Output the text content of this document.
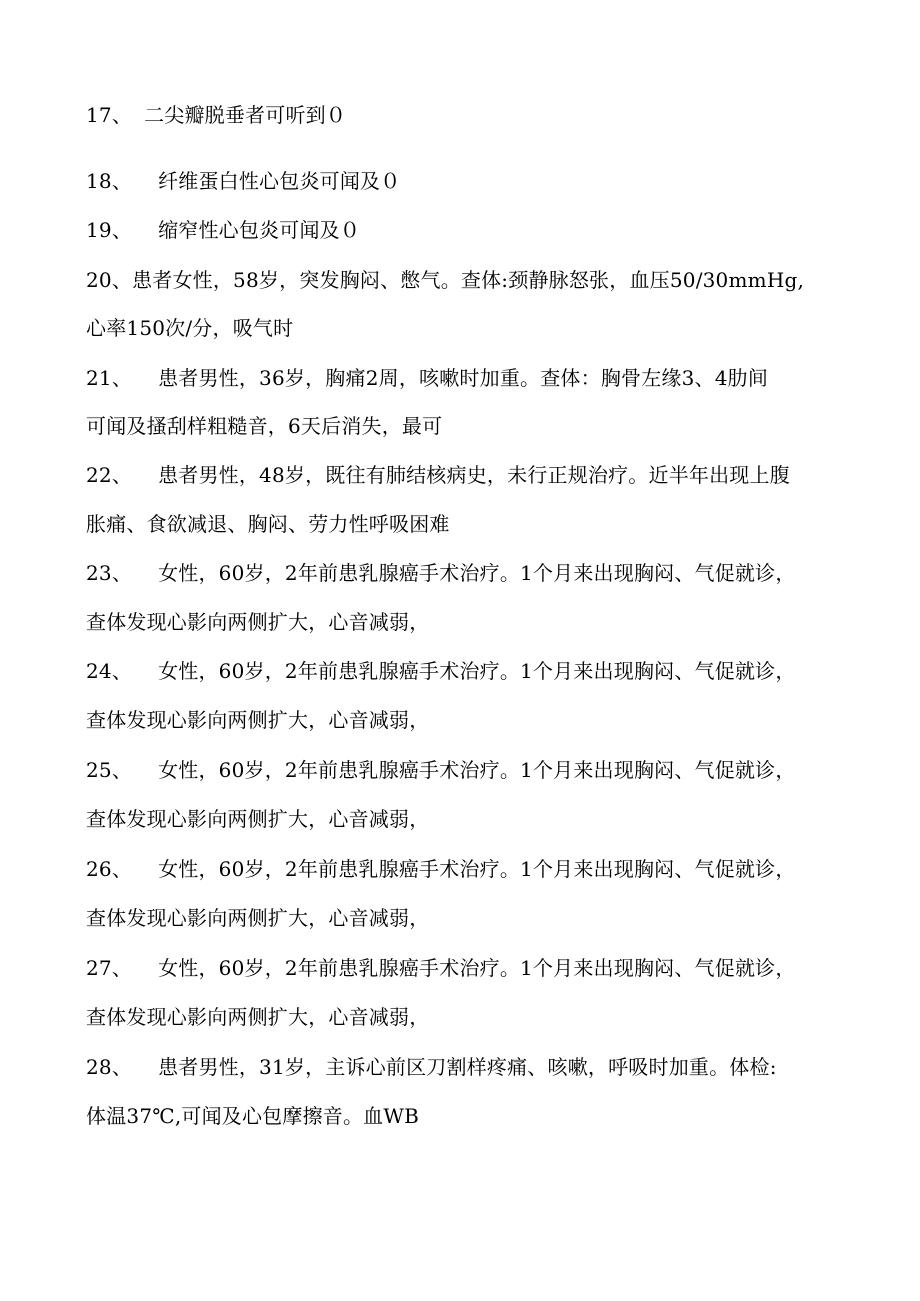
17、 二尖瓣脱垂者可听到０
18、 纤维蛋白性心包炎可闻及０
19、 缩窄性心包炎可闻及０
20、患者女性，58岁，突发胸闷、憋气。查体:颈静脉怒张，血压50/30mmHg,
心率150次/分，吸气时
21、 患者男性，36岁，胸痛2周，咳嗽时加重。查体：胸骨左缘3、4肋间
可闻及搔刮样粗糙音，6天后消失，最可
22、 患者男性，48岁，既往有肺结核病史，未行正规治疗。近半年出现上腹
胀痛、食欲减退、胸闷、劳力性呼吸困难
23、 女性，60岁，2年前患乳腺癌手术治疗。1个月来出现胸闷、气促就诊，
查体发现心影向两侧扩大，心音减弱，
24、 女性，60岁，2年前患乳腺癌手术治疗。1个月来出现胸闷、气促就诊，
查体发现心影向两侧扩大，心音减弱，
25、 女性，60岁，2年前患乳腺癌手术治疗。1个月来出现胸闷、气促就诊，
查体发现心影向两侧扩大，心音减弱，
26、 女性，60岁，2年前患乳腺癌手术治疗。1个月来出现胸闷、气促就诊，
查体发现心影向两侧扩大，心音减弱，
27、 女性，60岁，2年前患乳腺癌手术治疗。1个月来出现胸闷、气促就诊，
查体发现心影向两侧扩大，心音减弱，
28、 患者男性，31岁，主诉心前区刀割样疼痛、咳嗽，呼吸时加重。体检:
体温37℃,可闻及心包摩擦音。血WB
